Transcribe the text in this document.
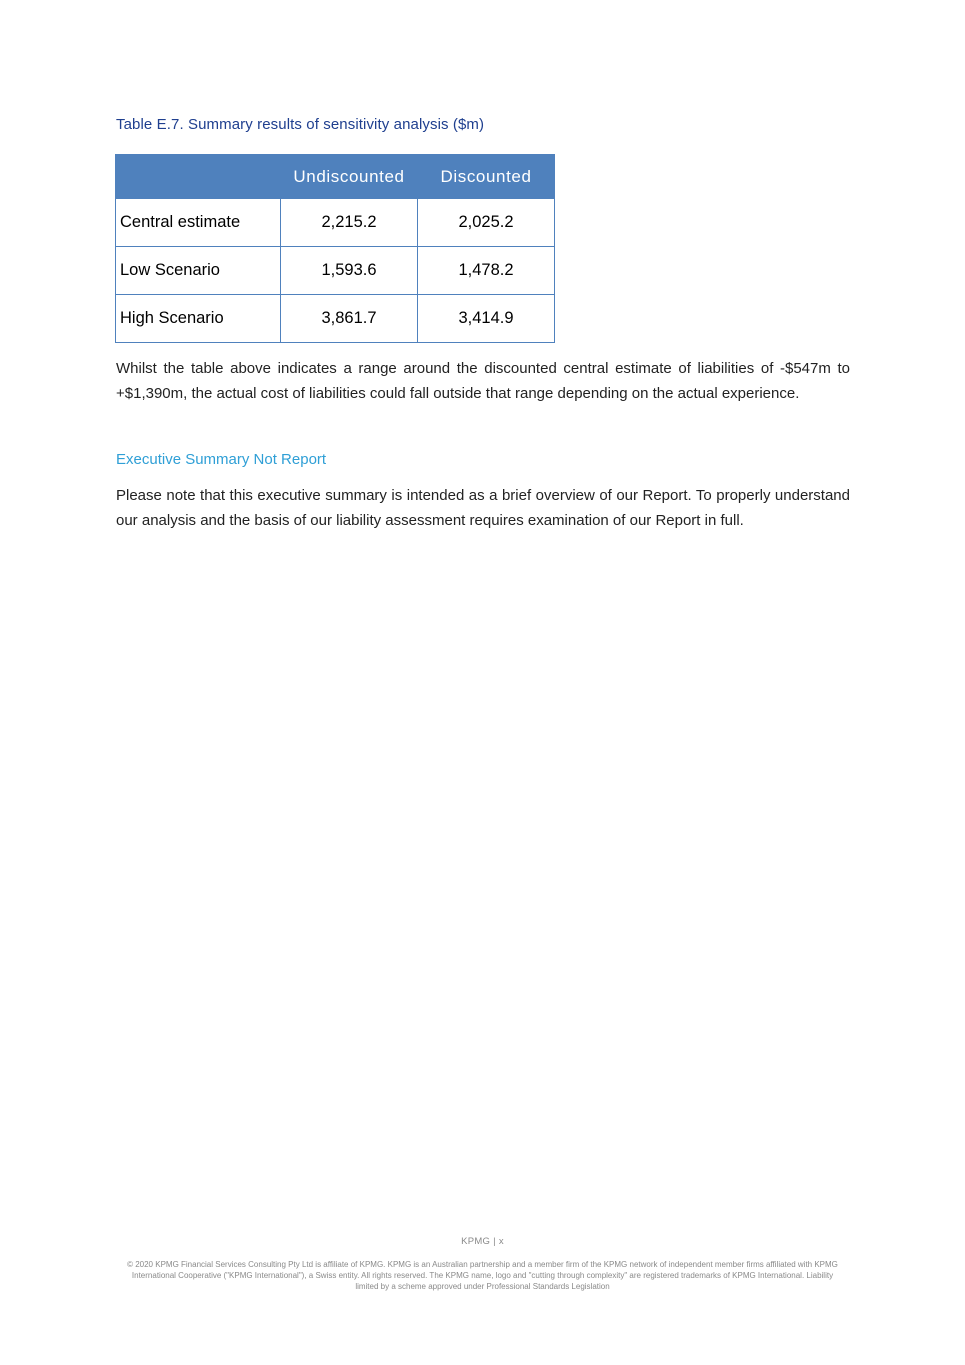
Table E.7. Summary results of sensitivity analysis ($m)
	Undiscounted	Discounted
Central estimate	2,215.2	2,025.2
Low Scenario	1,593.6	1,478.2
High Scenario	3,861.7	3,414.9
Whilst the table above indicates a range around the discounted central estimate of liabilities of -$547m to +$1,390m, the actual cost of liabilities could fall outside that range depending on the actual experience.
Executive Summary Not Report
Please note that this executive summary is intended as a brief overview of our Report. To properly understand our analysis and the basis of our liability assessment requires examination of our Report in full.
KPMG | x
© 2020 KPMG Financial Services Consulting Pty Ltd is affiliate of KPMG. KPMG is an Australian partnership and a member firm of the KPMG network of independent member firms affiliated with KPMG International Cooperative ("KPMG International"), a Swiss entity. All rights reserved. The KPMG name, logo and "cutting through complexity" are registered trademarks of KPMG International. Liability limited by a scheme approved under Professional Standards Legislation
